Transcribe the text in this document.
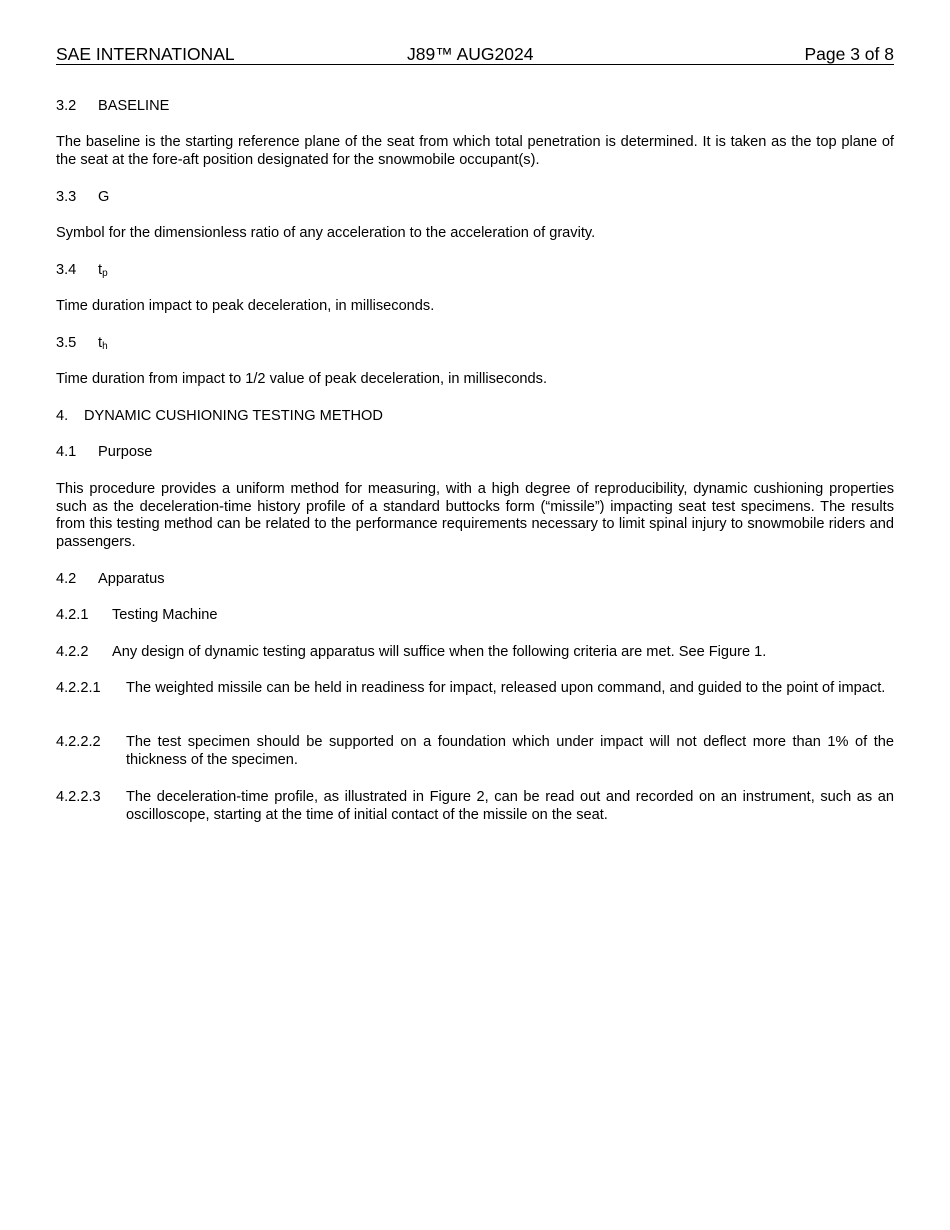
SAE INTERNATIONAL	J89™ AUG2024	Page 3 of 8
3.2 BASELINE

The baseline is the starting reference plane of the seat from which total penetration is determined. It is taken as the top plane of the seat at the fore-aft position designated for the snowmobile occupant(s).

3.3 G

Symbol for the dimensionless ratio of any acceleration to the acceleration of gravity.

3.4 $t_p$

Time duration impact to peak deceleration, in milliseconds.

3.5 $t_h$

Time duration from impact to 1/2 value of peak deceleration, in milliseconds.

4. DYNAMIC CUSHIONING TESTING METHOD
4.1 Purpose

This procedure provides a uniform method for measuring, with a high degree of reproducibility, dynamic cushioning properties such as the deceleration-time history profile of a standard buttocks form (“missile”) impacting seat test specimens. The results from this testing method can be related to the performance requirements necessary to limit spinal injury to snowmobile riders and passengers.

4.2 Apparatus
4.2.1 Testing Machine
4.2.2 Any design of dynamic testing apparatus will suffice when the following criteria are met. See Figure 1.
4.2.2.1 The weighted missile can be held in readiness for impact, released upon command, and guided to the point of impact.
4.2.2.2 The test specimen should be supported on a foundation which under impact will not deflect more than 1% of the thickness of the specimen.
4.2.2.3 The deceleration-time profile, as illustrated in Figure 2, can be read out and recorded on an instrument, such as an oscilloscope, starting at the time of initial contact of the missile on the seat.
